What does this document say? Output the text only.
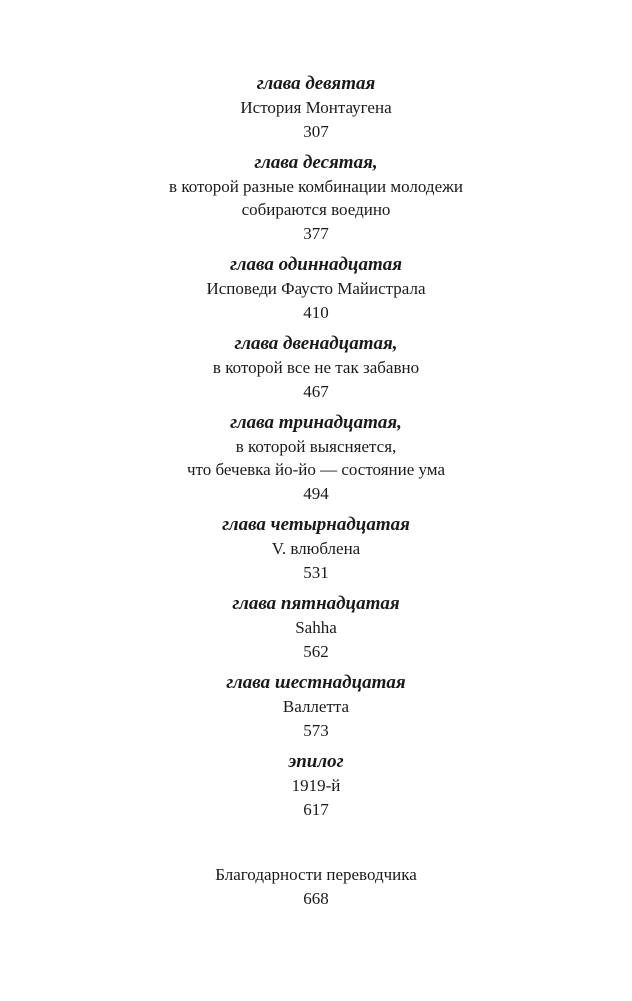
глава девятая
История Монтаугена
307
глава десятая,
в которой разные комбинации молодежи
собираются воедино
377
глава одиннадцатая
Исповеди Фаусто Майистрала
410
глава двенадцатая,
в которой все не так забавно
467
глава тринадцатая,
в которой выясняется,
что бечевка йо-йо — состояние ума
494
глава четырнадцатая
V. влюблена
531
глава пятнадцатая
Sahha
562
глава шестнадцатая
Валлетта
573
эпилог
1919-й
617
Благодарности переводчика
668
